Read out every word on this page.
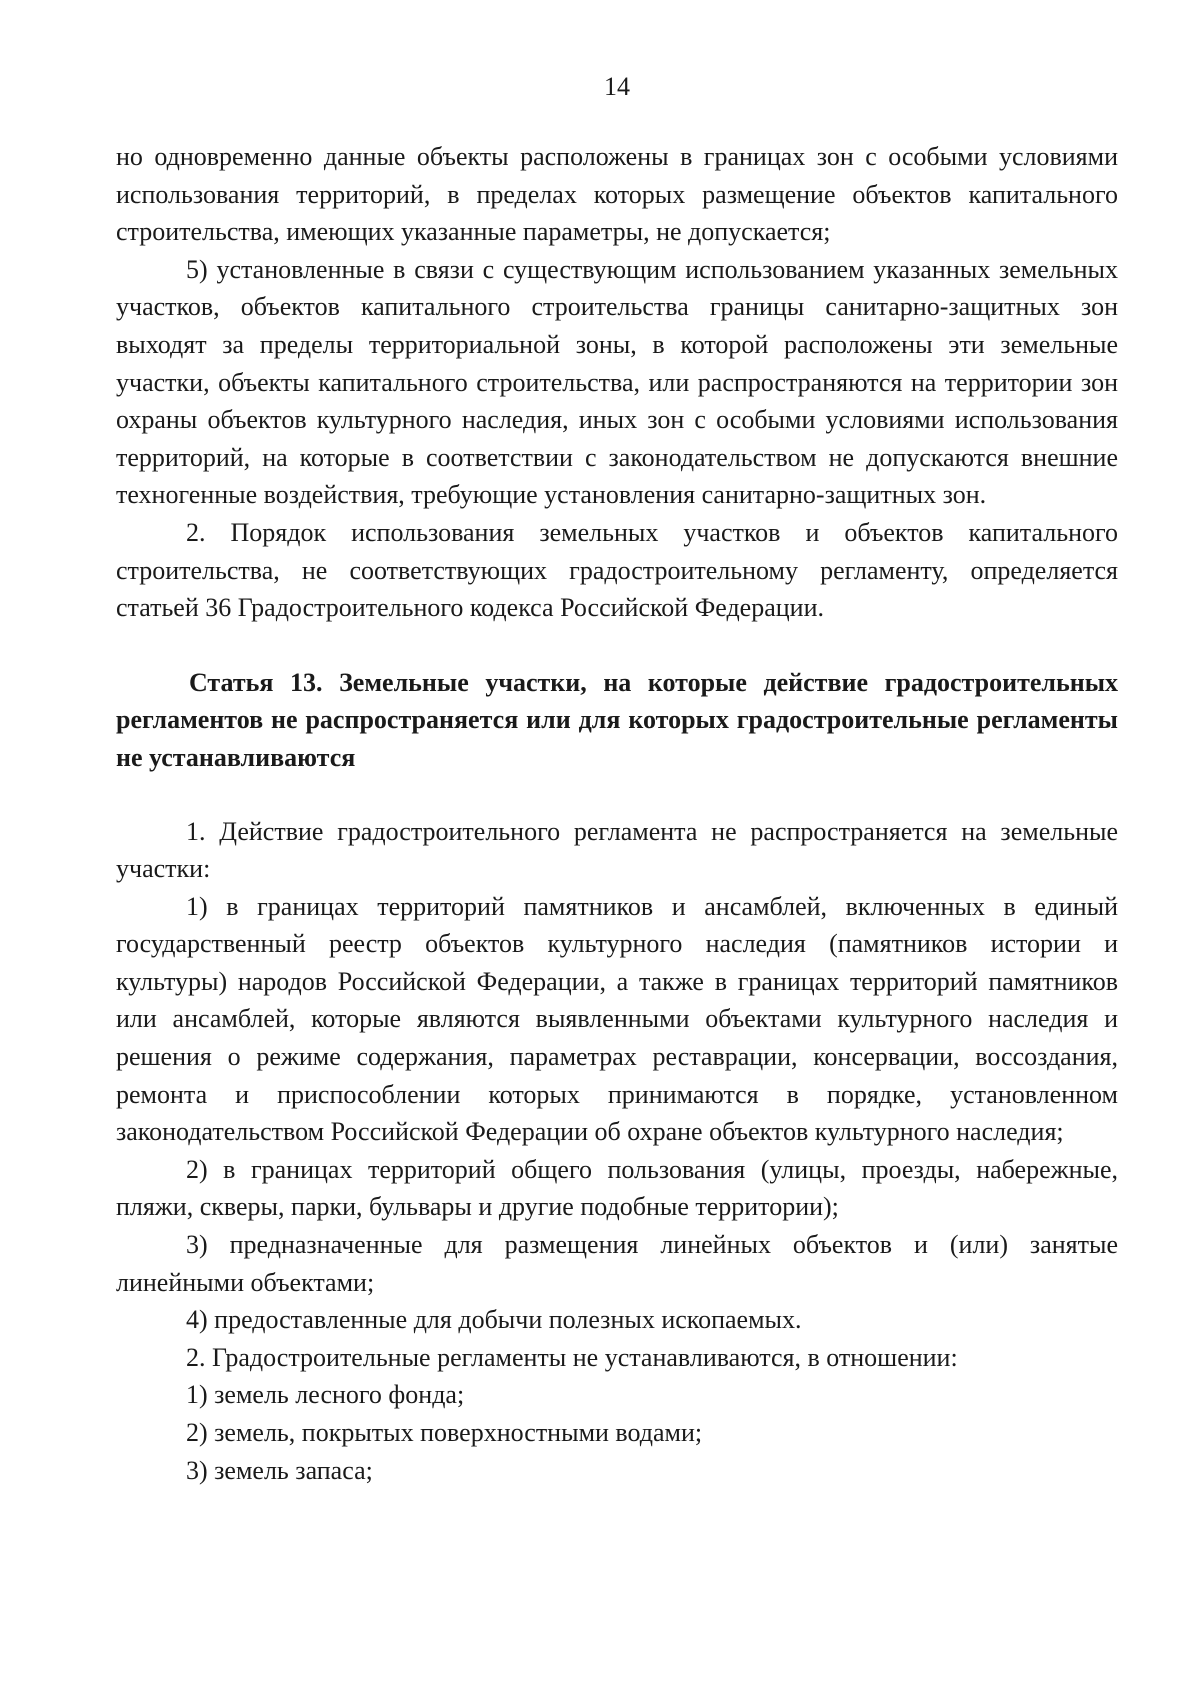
14

но одновременно данные объекты расположены в границах зон с особыми условиями использования территорий, в пределах которых размещение объектов капитального строительства, имеющих указанные параметры, не допускается;

5) установленные в связи с существующим использованием указанных земельных участков, объектов капитального строительства границы санитарно-защитных зон выходят за пределы территориальной зоны, в которой расположены эти земельные участки, объекты капитального строительства, или распространяются на территории зон охраны объектов культурного наследия, иных зон с особыми условиями использования территорий, на которые в соответствии с законодательством не допускаются внешние техногенные воздействия, требующие установления санитарно-защитных зон.

2. Порядок использования земельных участков и объектов капитального строительства, не соответствующих градостроительному регламенту, определяется статьей 36 Градостроительного кодекса Российской Федерации.

Статья 13. Земельные участки, на которые действие градостроительных регламентов не распространяется или для которых градостроительные регламенты не устанавливаются

1. Действие градостроительного регламента не распространяется на земельные участки:

1) в границах территорий памятников и ансамблей, включенных в единый государственный реестр объектов культурного наследия (памятников истории и культуры) народов Российской Федерации, а также в границах территорий памятников или ансамблей, которые являются выявленными объектами культурного наследия и решения о режиме содержания, параметрах реставрации, консервации, воссоздания, ремонта и приспособлении которых принимаются в порядке, установленном законодательством Российской Федерации об охране объектов культурного наследия;

2) в границах территорий общего пользования (улицы, проезды, набережные, пляжи, скверы, парки, бульвары и другие подобные территории);

3) предназначенные для размещения линейных объектов и (или) занятые линейными объектами;

4) предоставленные для добычи полезных ископаемых.

2. Градостроительные регламенты не устанавливаются, в отношении:

1) земель лесного фонда;

2) земель, покрытых поверхностными водами;

3) земель запаса;
